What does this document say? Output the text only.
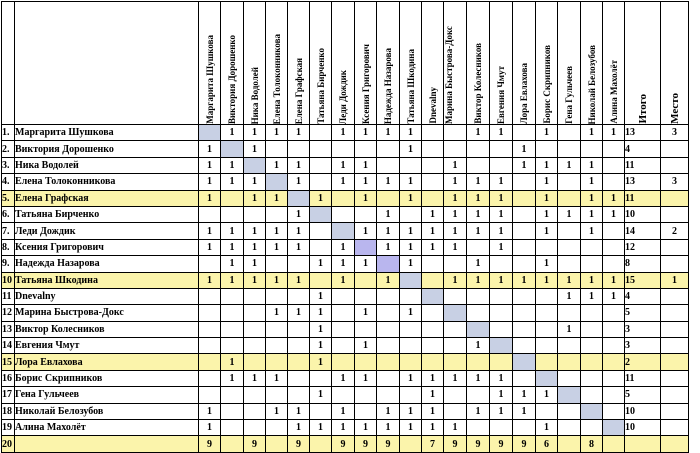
		Маргарита Шушкова	Виктория Дорошенко	Ника Водолей	Елена Толоконникова	Елена Графская	Татьяна Бирченко	Леди Дождик	Ксения Григорович	Надежда Назарова	Татьяна Шкодина	Dnevalny	Марина Быстрова-Докс	Виктор Колесников	Евгения Чмут	Лора Евлахова	Борис Скрипников	Гена Гульчеев	Николай Белозубов	Алина Махолёт	Итого	Место

1.	Маргарита Шушкова		1	1	1	1		1	1	1	1			1	1		1		1	1	13	3
2.	Виктория Дорошенко	1		1							1					1					4	
3.	Ника Водолей	1	1		1	1		1	1				1			1	1	1	1		11	
4.	Елена Толоконникова	1	1	1		1		1	1	1	1		1	1	1		1		1		13	3
5.	Елена Графская	1		1	1		1		1		1		1	1	1		1		1	1	11	
6.	Татьяна Бирченко					1				1		1	1	1	1		1	1	1	1	10	
7.	Леди Дождик	1	1	1	1	1			1	1	1	1	1	1	1		1		1		14	2
8.	Ксения Григорович	1	1	1	1	1		1		1	1	1	1		1						12	
9.	Надежда Назарова		1	1			1	1	1		1			1			1				8	
10	Татьяна Шкодина	1	1	1	1	1		1		1			1	1	1	1	1	1	1	1	15	1
11	Dnevalny						1											1	1	1	4	
12	Марина Быстрова-Докс				1	1	1		1		1										5	
13	Виктор Колесников						1											1			3	
14	Евгения Чмут						1		1					1							3	
15	Лора Евлахова		1				1														2	
16	Борис Скрипников		1	1	1			1	1		1	1	1	1	1						11	
17	Гена Гульчеев						1					1			1	1	1				5	
18	Николай Белозубов	1			1	1		1		1	1	1		1	1	1					10	
19	Алина Махолёт	1				1	1	1	1	1	1	1	1				1				10	
20		9		9		9		9	9	9		7	9	9	9	9	6		8			
